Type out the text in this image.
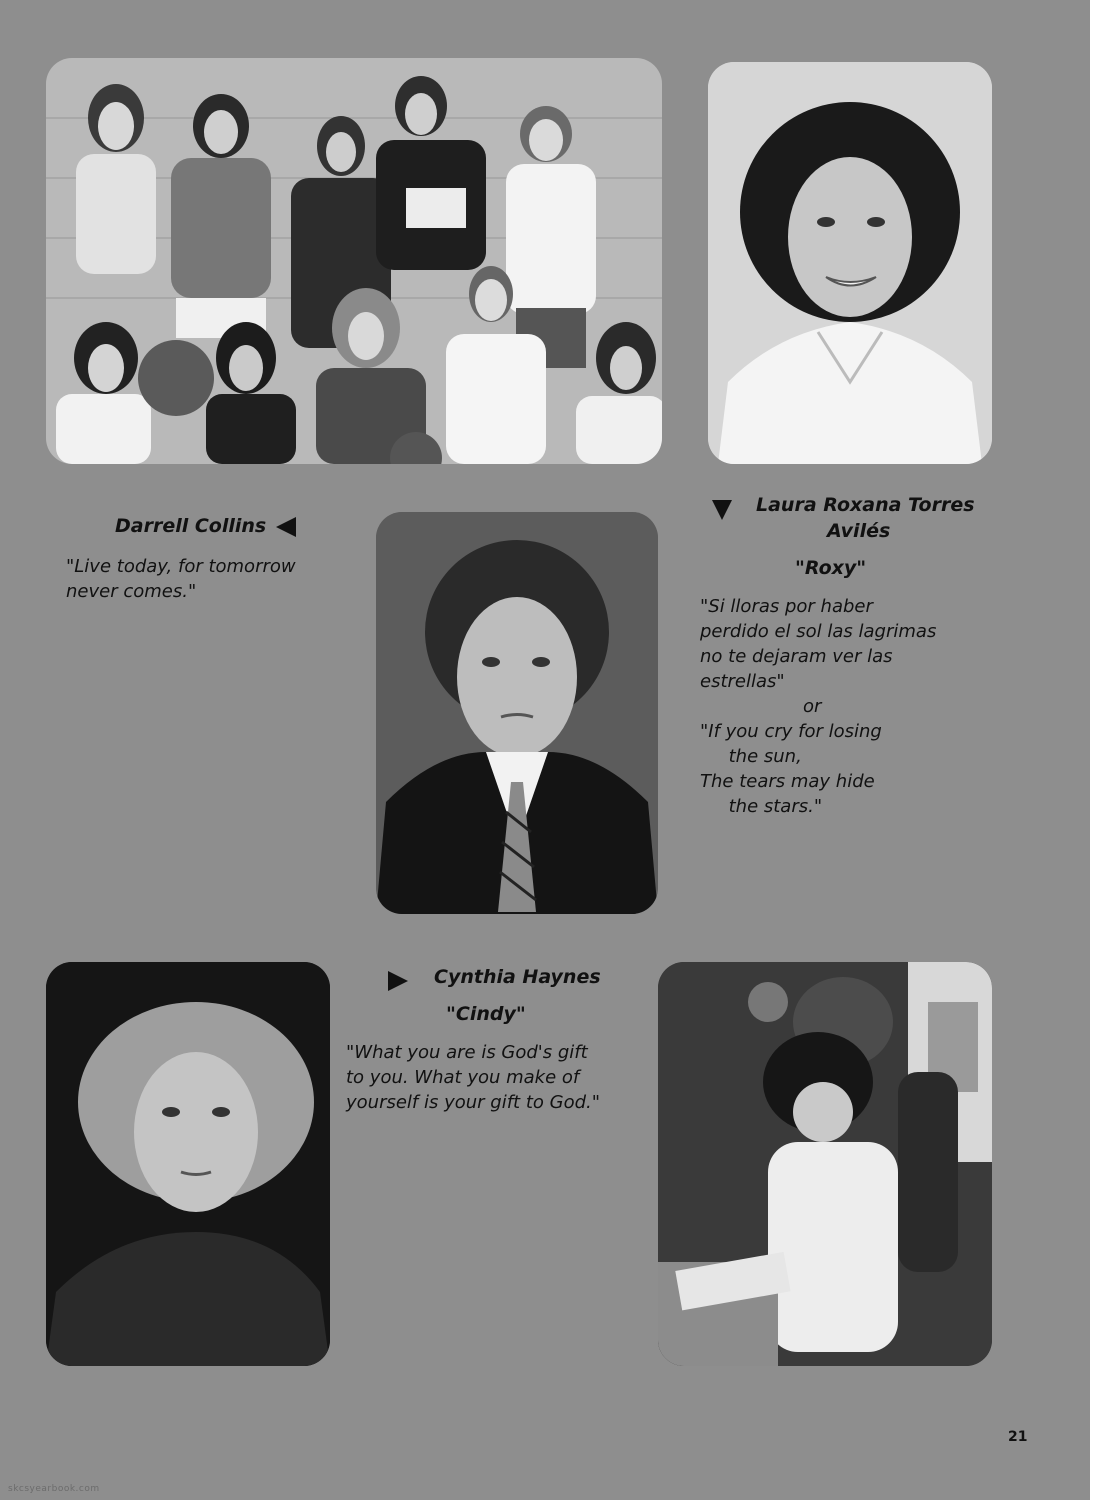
Darrell Collins
"Live today, for tomorrow
never comes."
Laura Roxana Torres
Avilés
"Roxy"
"Si lloras por haber
perdido el sol las lagrimas
no te dejaram ver las
estrellas"
or
"If you cry for losing
the sun,
The tears may hide
the stars."
Cynthia Haynes
"Cindy"
"What you are is God's gift
to you. What you make of
yourself is your gift to God."
21
skcsyearbook.com
